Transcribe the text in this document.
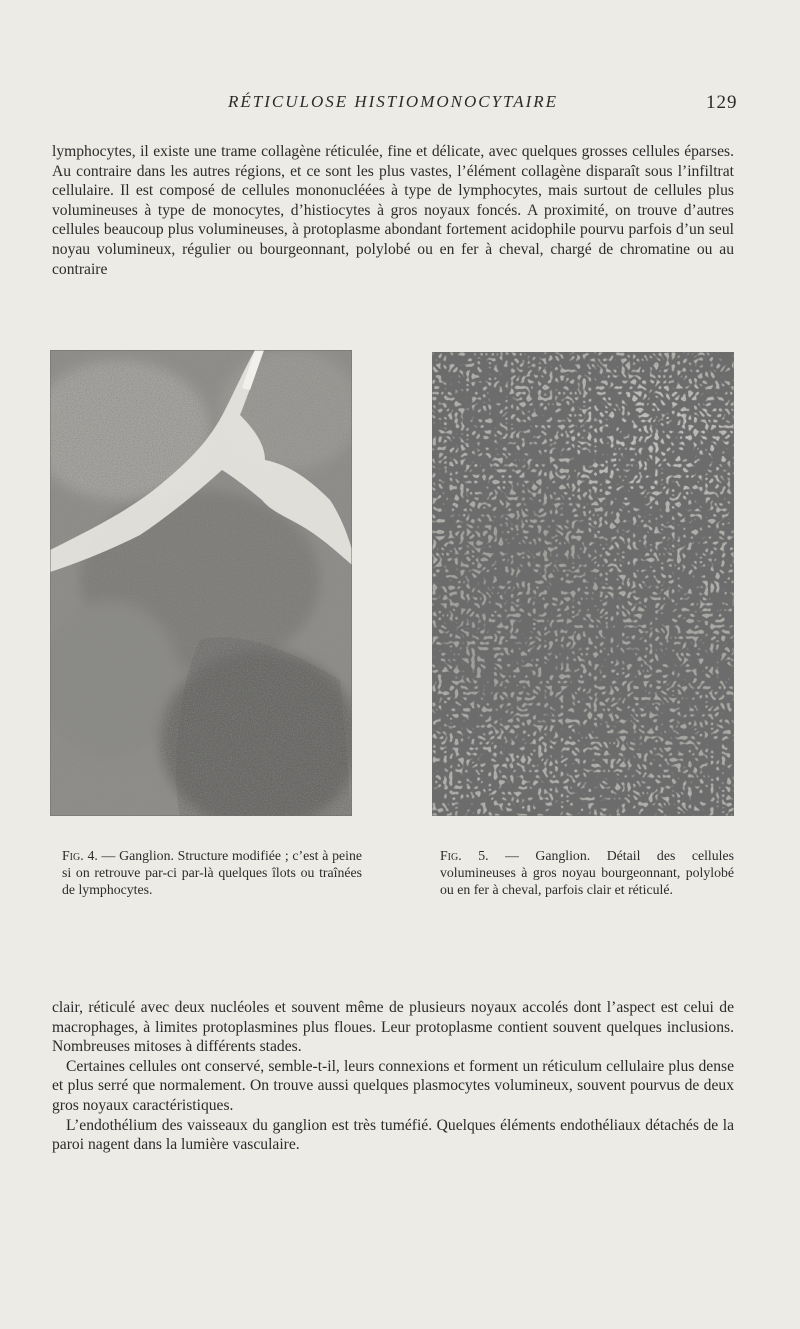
RÉTICULOSE HISTIOMONOCYTAIRE	129

lymphocytes, il existe une trame collagène réticulée, fine et délicate, avec quelques grosses cellules éparses. Au contraire dans les autres régions, et ce sont les plus vastes, l’élément collagène disparaît sous l’infiltrat cellulaire. Il est composé de cellules mononucléées à type de lymphocytes, mais surtout de cellules plus volumineuses à type de monocytes, d’histiocytes à gros noyaux foncés. A proximité, on trouve d’autres cellules beaucoup plus volumineuses, à protoplasme abondant fortement acidophile pourvu parfois d’un seul noyau volumineux, régulier ou bourgeonnant, polylobé ou en fer à cheval, chargé de chromatine ou au contraire

Fig. 4. — Ganglion. Structure modifiée ; c’est à peine si on retrouve par-ci par-là quelques îlots ou traînées de lymphocytes.

Fig. 5. — Ganglion. Détail des cellules volumineuses à gros noyau bourgeonnant, polylobé ou en fer à cheval, parfois clair et réticulé.

clair, réticulé avec deux nucléoles et souvent même de plusieurs noyaux accolés dont l’aspect est celui de macrophages, à limites protoplasmines plus floues. Leur protoplasme contient souvent quelques inclusions. Nombreuses mitoses à différents stades.

Certaines cellules ont conservé, semble-t-il, leurs connexions et forment un réticulum cellulaire plus dense et plus serré que normalement. On trouve aussi quelques plasmocytes volumineux, souvent pourvus de deux gros noyaux caractéristiques.

L’endothélium des vaisseaux du ganglion est très tuméfié. Quelques éléments endothéliaux détachés de la paroi nagent dans la lumière vasculaire.
